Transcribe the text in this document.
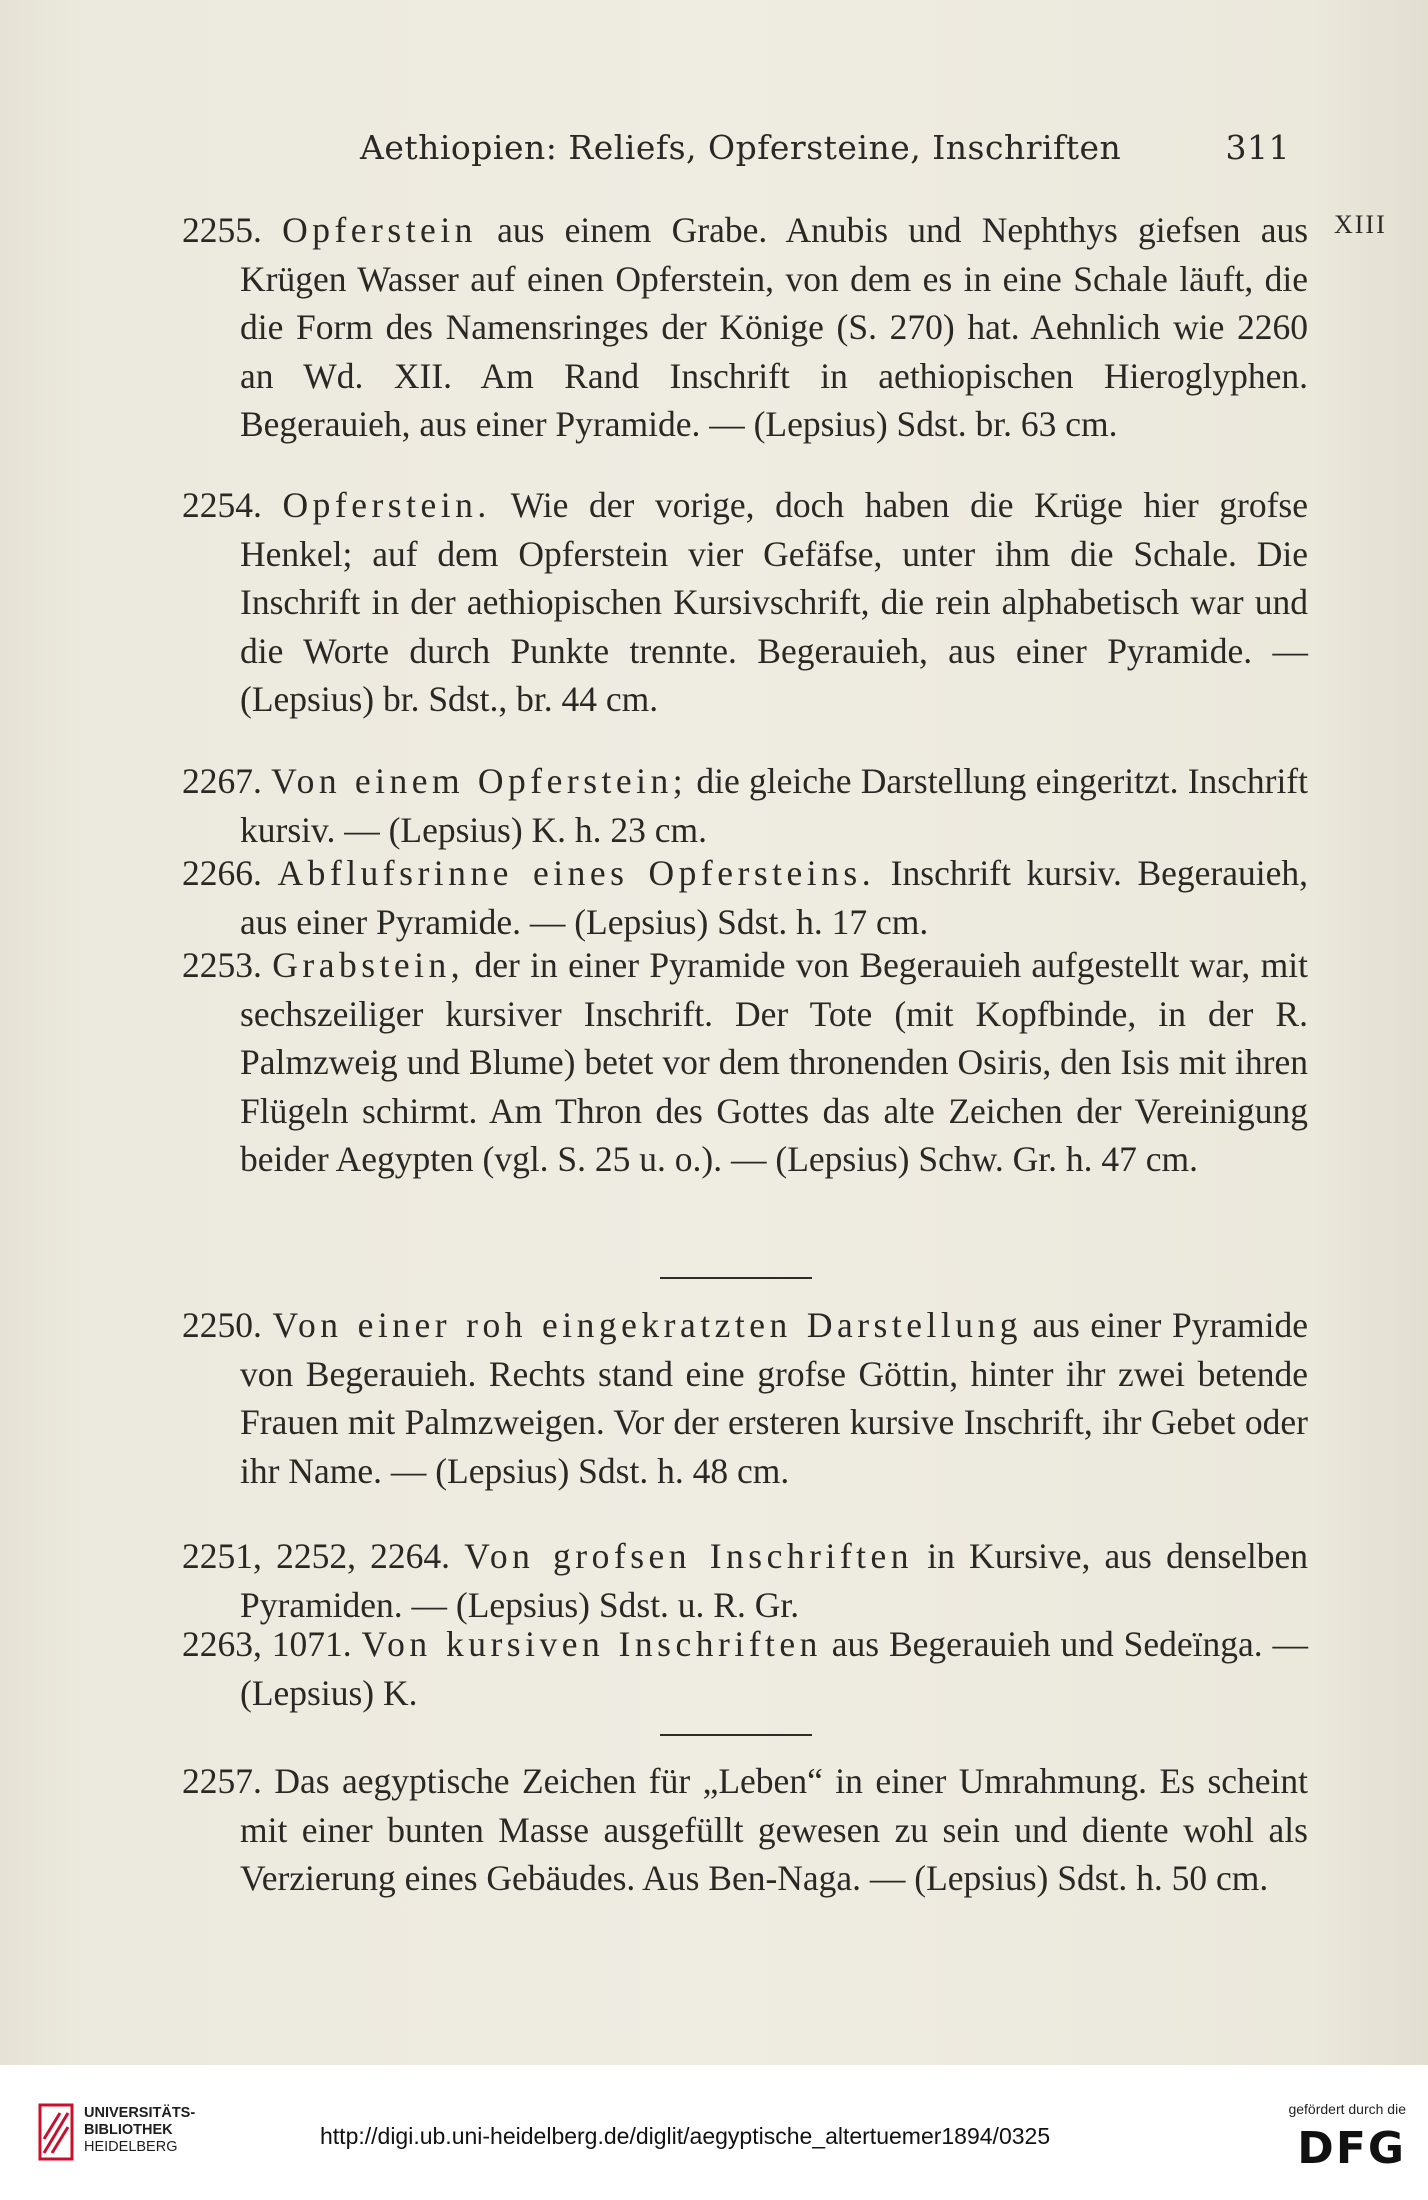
Aethiopien: Reliefs, Opfersteine, Inschriften	311
XIII
2255. Opferstein aus einem Grabe. Anubis und Nephthys giefsen aus Krügen Wasser auf einen Opferstein, von dem es in eine Schale läuft, die die Form des Namensringes der Könige (S. 270) hat. Aehnlich wie 2260 an Wd. XII. Am Rand Inschrift in aethiopischen Hieroglyphen. Begerauieh, aus einer Pyramide. — (Lepsius) Sdst. br. 63 cm.
2254. Opferstein. Wie der vorige, doch haben die Krüge hier grofse Henkel; auf dem Opferstein vier Gefäfse, unter ihm die Schale. Die Inschrift in der aethiopischen Kursivschrift, die rein alphabetisch war und die Worte durch Punkte trennte. Begerauieh, aus einer Pyramide. — (Lepsius) br. Sdst., br. 44 cm.
2267. Von einem Opferstein; die gleiche Darstellung eingeritzt. Inschrift kursiv. — (Lepsius) K. h. 23 cm.
2266. Abflufsrinne eines Opfersteins. Inschrift kursiv. Begerauieh, aus einer Pyramide. — (Lepsius) Sdst. h. 17 cm.
2253. Grabstein, der in einer Pyramide von Begerauieh aufgestellt war, mit sechszeiliger kursiver Inschrift. Der Tote (mit Kopfbinde, in der R. Palmzweig und Blume) betet vor dem thronenden Osiris, den Isis mit ihren Flügeln schirmt. Am Thron des Gottes das alte Zeichen der Vereinigung beider Aegypten (vgl. S. 25 u. o.). — (Lepsius) Schw. Gr. h. 47 cm.
2250. Von einer roh eingekratzten Darstellung aus einer Pyramide von Begerauieh. Rechts stand eine grofse Göttin, hinter ihr zwei betende Frauen mit Palmzweigen. Vor der ersteren kursive Inschrift, ihr Gebet oder ihr Name. — (Lepsius) Sdst. h. 48 cm.
2251, 2252, 2264. Von grofsen Inschriften in Kursive, aus denselben Pyramiden. — (Lepsius) Sdst. u. R. Gr.
2263, 1071. Von kursiven Inschriften aus Begerauieh und Sedeïnga. — (Lepsius) K.
2257. Das aegyptische Zeichen für „Leben“ in einer Umrahmung. Es scheint mit einer bunten Masse ausgefüllt gewesen zu sein und diente wohl als Verzierung eines Gebäudes. Aus Ben-Naga. — (Lepsius) Sdst. h. 50 cm.
UNIVERSITÄTS-
BIBLIOTHEK
HEIDELBERG	http://digi.ub.uni-heidelberg.de/diglit/aegyptische_altertuemer1894/0325
gefördert durch die
DFG
